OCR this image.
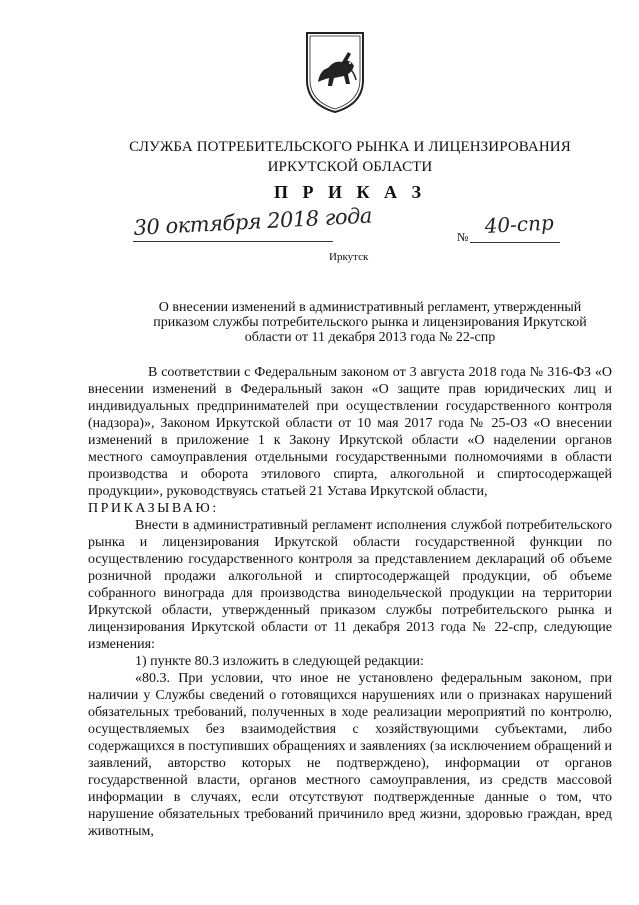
СЛУЖБА ПОТРЕБИТЕЛЬСКОГО РЫНКА И ЛИЦЕНЗИРОВАНИЯ
ИРКУТСКОЙ ОБЛАСТИ
П Р И К А З
30 октября 2018 года	№ 40-спр
Иркутск
О внесении изменений в административный регламент, утвержденный
приказом службы потребительского рынка и лицензирования Иркутской
области от 11 декабря 2013 года № 22-спр

В соответствии с Федеральным законом от 3 августа 2018 года № 316-ФЗ «О внесении изменений в Федеральный закон «О защите прав юридических лиц и индивидуальных предпринимателей при осуществлении государственного контроля (надзора)», Законом Иркутской области от 10 мая 2017 года № 25-ОЗ «О внесении изменений в приложение 1 к Закону Иркутской области «О наделении органов местного самоуправления отдельными государственными полномочиями в области производства и оборота этилового спирта, алкогольной и спиртосодержащей продукции», руководствуясь статьей 21 Устава Иркутской области,

ПРИКАЗЫВАЮ:

Внести в административный регламент исполнения службой потребительского рынка и лицензирования Иркутской области государственной функции по осуществлению государственного контроля за представлением деклараций об объеме розничной продажи алкогольной и спиртосодержащей продукции, об объеме собранного винограда для производства винодельческой продукции на территории Иркутской области, утвержденный приказом службы потребительского рынка и лицензирования Иркутской области от 11 декабря 2013 года № 22-спр, следующие изменения:

1) пункте 80.3 изложить в следующей редакции:

«80.3. При условии, что иное не установлено федеральным законом, при наличии у Службы сведений о готовящихся нарушениях или о признаках нарушений обязательных требований, полученных в ходе реализации мероприятий по контролю, осуществляемых без взаимодействия с хозяйствующими субъектами, либо содержащихся в поступивших обращениях и заявлениях (за исключением обращений и заявлений, авторство которых не подтверждено), информации от органов государственной власти, органов местного самоуправления, из средств массовой информации в случаях, если отсутствуют подтвержденные данные о том, что нарушение обязательных требований причинило вред жизни, здоровью граждан, вред животным,
